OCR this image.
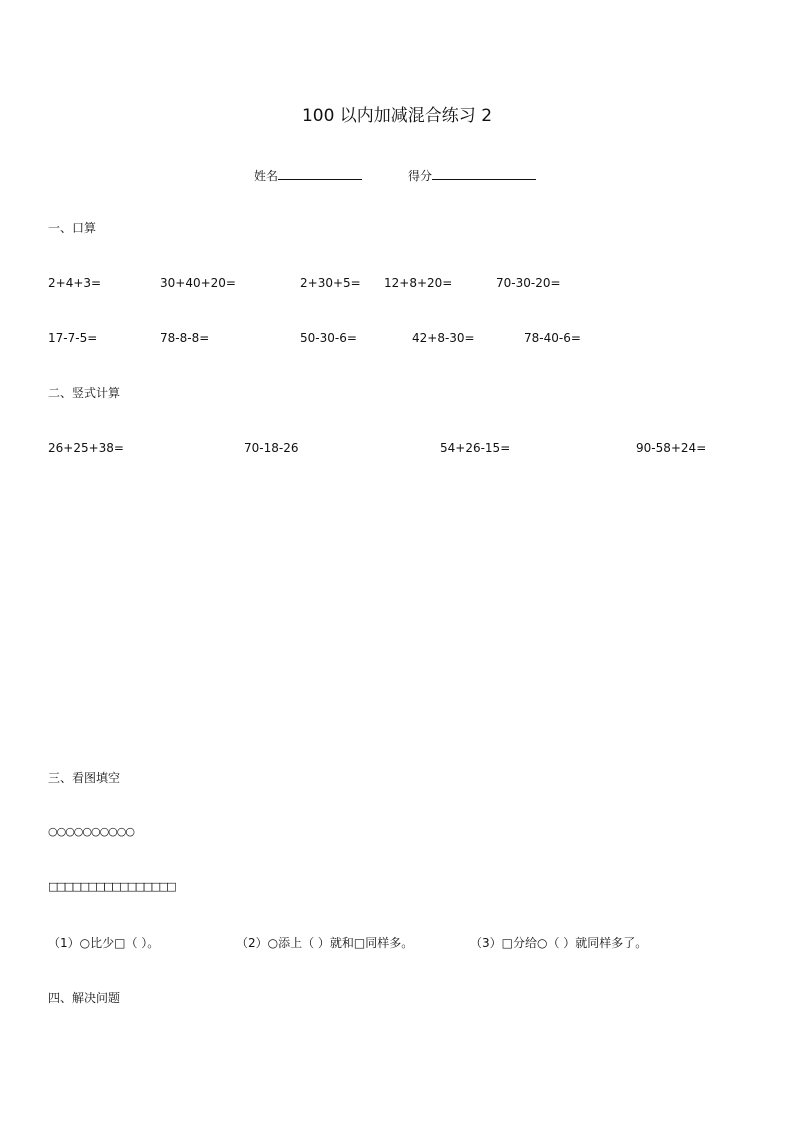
100 以内加减混合练习 2
姓名	得分
一、口算
2+4+3=	30+40+20=	2+30+5= 12+8+20=	70-30-20=
17-7-5=	78-8-8=	50-30-6=	42+8-30=	78-40-6=
二、竖式计算
26+25+38=	70-18-26	54+26-15=	90-58+24=
三、看图填空
○○○○○○○○○○
□□□□□□□□□□□□□□□□
（1）○比少□（ ）。	（2）○添上（ ）就和□同样多。	（3）□分给○（ ）就同样多了。
四、解决问题
